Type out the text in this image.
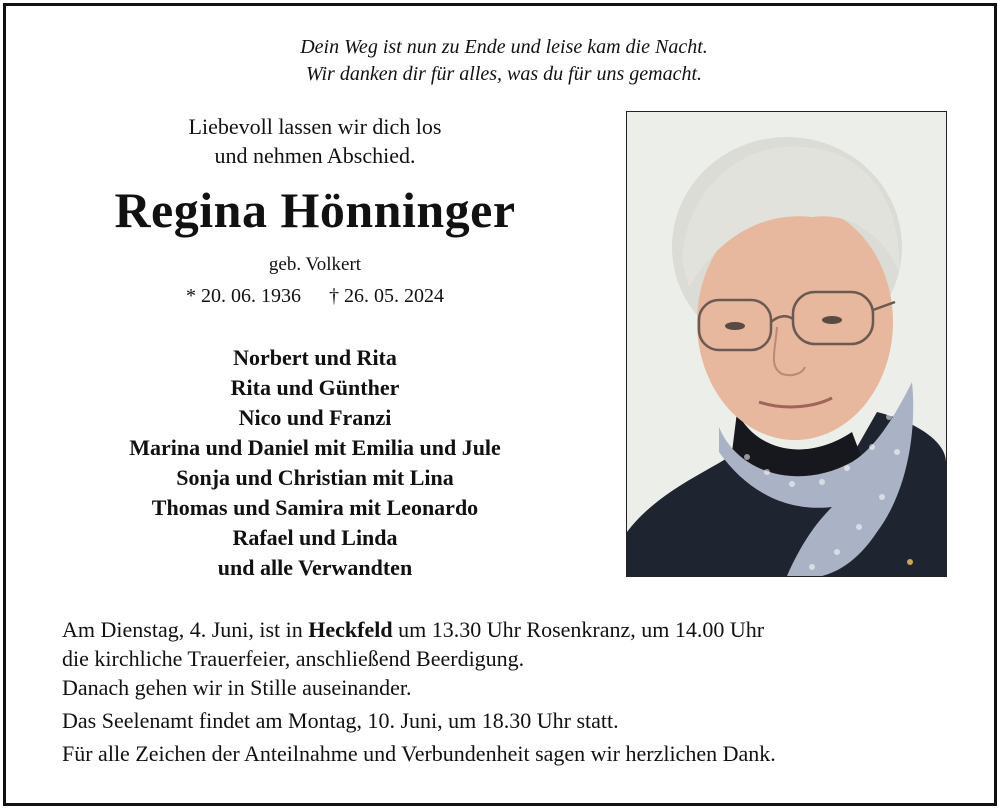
Dein Weg ist nun zu Ende und leise kam die Nacht.
Wir danken dir für alles, was du für uns gemacht.
Liebevoll lassen wir dich los
und nehmen Abschied.
Regina Hönninger
geb. Volkert
* 20. 06. 1936 † 26. 05. 2024
Norbert und Rita
Rita und Günther
Nico und Franzi
Marina und Daniel mit Emilia und Jule
Sonja und Christian mit Lina
Thomas und Samira mit Leonardo
Rafael und Linda
und alle Verwandten

Am Dienstag, 4. Juni, ist in Heckfeld um 13.30 Uhr Rosenkranz, um 14.00 Uhr

die kirchliche Trauerfeier, anschließend Beerdigung.

Danach gehen wir in Stille auseinander.

Das Seelenamt findet am Montag, 10. Juni, um 18.30 Uhr statt.

Für alle Zeichen der Anteilnahme und Verbundenheit sagen wir herzlichen Dank.
